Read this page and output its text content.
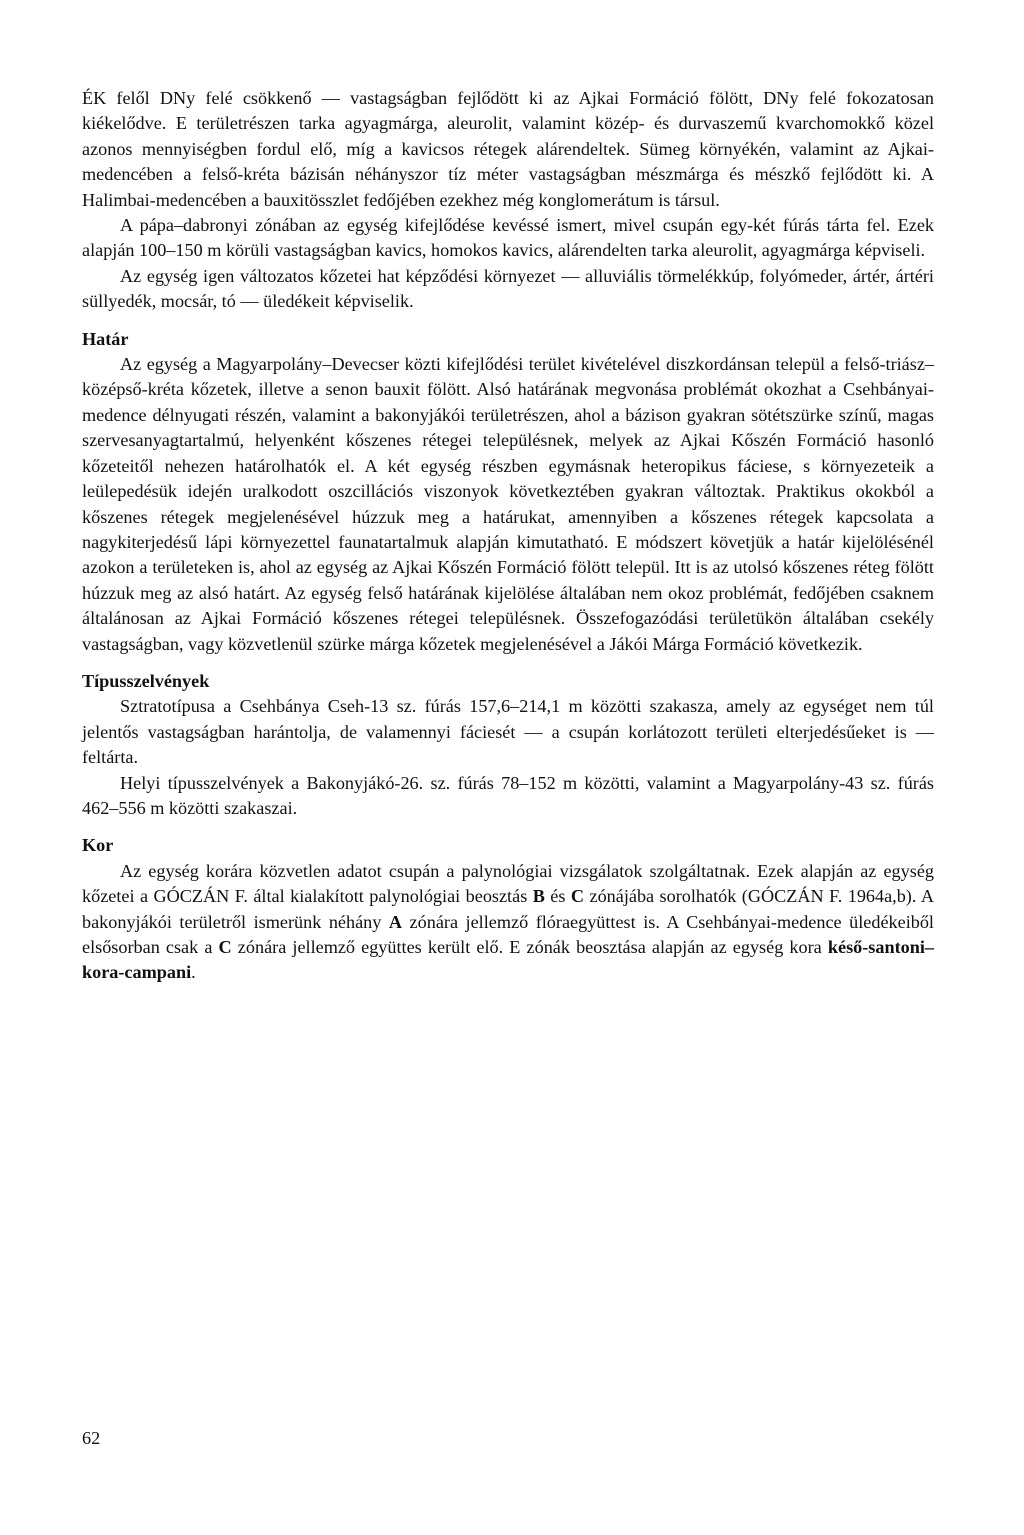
ÉK felől DNy felé csökkenő — vastagságban fejlődött ki az Ajkai Formáció fölött, DNy felé fokozatosan kiékelődve. E területrészen tarka agyagmárga, aleurolit, valamint közép- és durvaszemű kvarchomokkő közel azonos mennyiségben fordul elő, míg a kavicsos rétegek alárendeltek. Sümeg környékén, valamint az Ajkai-medencében a felső-kréta bázisán néhányszor tíz méter vastagságban mészmárga és mészkő fejlődött ki. A Halimbai-medencében a bauxitösszlet fedőjében ezekhez még konglomerátum is társul.

A pápa–dabronyi zónában az egység kifejlődése kevéssé ismert, mivel csupán egy-két fúrás tárta fel. Ezek alapján 100–150 m körüli vastagságban kavics, homokos kavics, alárendelten tarka aleurolit, agyagmárga képviseli.

Az egység igen változatos kőzetei hat képződési környezet — alluviális törmelékkúp, folyómeder, ártér, ártéri süllyedék, mocsár, tó — üledékeit képviselik.

Határ

Az egység a Magyarpolány–Devecser közti kifejlődési terület kivételével diszkordánsan települ a felső-triász–középső-kréta kőzetek, illetve a senon bauxit fölött. Alsó határának megvonása problémát okozhat a Csehbányai-medence délnyugati részén, valamint a bakonyjákói területrészen, ahol a bázison gyakran sötétszürke színű, magas szervesanyagtartalmú, helyenként kőszenes rétegei településnek, melyek az Ajkai Kőszén Formáció hasonló kőzeteitől nehezen határolhatók el. A két egység részben egymásnak heteropikus fáciese, s környezeteik a leülepedésük idején uralkodott oszcillációs viszonyok következtében gyakran változtak. Praktikus okokból a kőszenes rétegek megjelenésével húzzuk meg a határukat, amennyiben a kőszenes rétegek kapcsolata a nagykiterjedésű lápi környezettel faunatartalmuk alapján kimutatható. E módszert követjük a határ kijelölésénél azokon a területeken is, ahol az egység az Ajkai Kőszén Formáció fölött települ. Itt is az utolsó kőszenes réteg fölött húzzuk meg az alsó határt. Az egység felső határának kijelölése általában nem okoz problémát, fedőjében csaknem általánosan az Ajkai Formáció kőszenes rétegei településnek. Összefogazódási területükön általában csekély vastagságban, vagy közvetlenül szürke márga kőzetek megjelenésével a Jákói Márga Formáció következik.

Típusszelvények

Sztratotípusa a Csehbánya Cseh-13 sz. fúrás 157,6–214,1 m közötti szakasza, amely az egységet nem túl jelentős vastagságban harántolja, de valamennyi fáciesét — a csupán korlátozott területi elterjedésűeket is — feltárta.

Helyi típusszelvények a Bakonyjákó-26. sz. fúrás 78–152 m közötti, valamint a Magyarpolány-43 sz. fúrás 462–556 m közötti szakaszai.

Kor

Az egység korára közvetlen adatot csupán a palynológiai vizsgálatok szolgáltatnak. Ezek alapján az egység kőzetei a GÓCZÁN F. által kialakított palynológiai beosztás B és C zónájába sorolhatók (GÓCZÁN F. 1964a,b). A bakonyjákói területről ismerünk néhány A zónára jellemző flóraegyüttest is. A Csehbányai-medence üledékeiből elsősorban csak a C zónára jellemző együttes került elő. E zónák beosztása alapján az egység kora késő-santoni–kora-campani.

62
